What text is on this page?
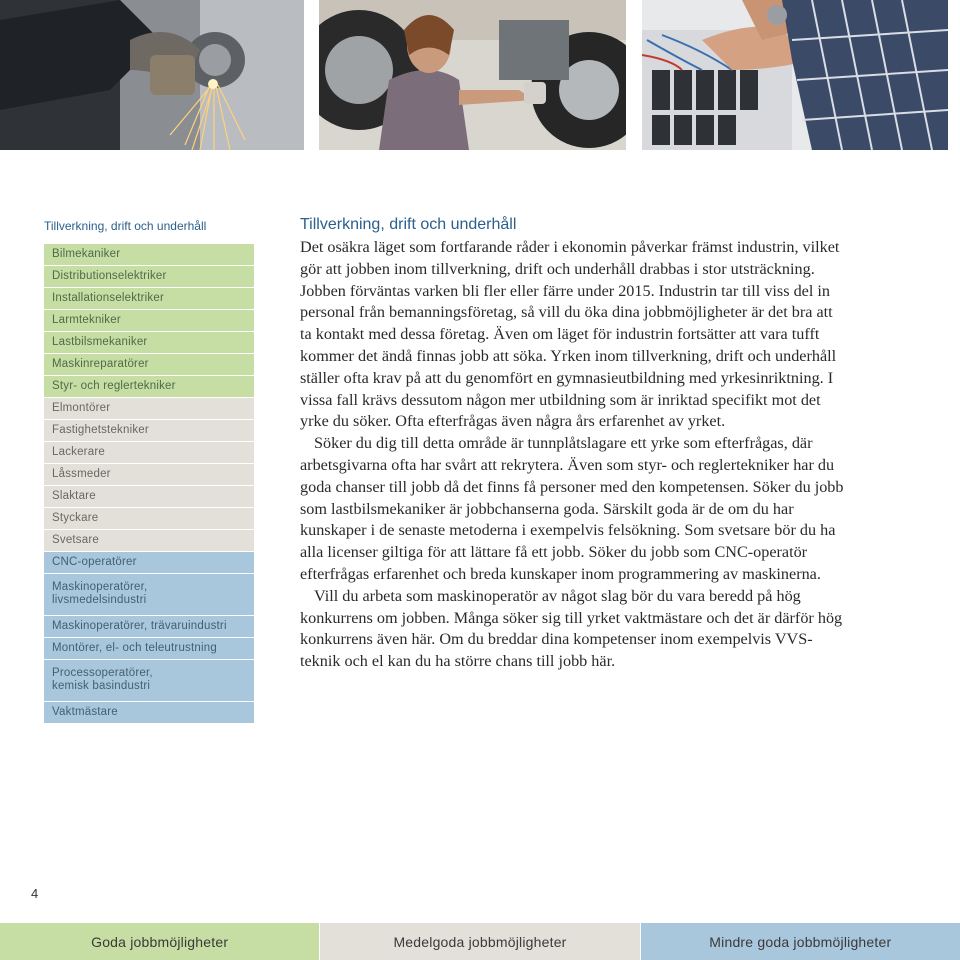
Tillverkning, drift och underhåll
Bilmekaniker
Distributionselektriker
Installationselektriker
Larmtekniker
Lastbilsmekaniker
Maskinreparatörer
Styr- och reglertekniker
Elmontörer
Fastighetstekniker
Lackerare
Låssmeder
Slaktare
Styckare
Svetsare
CNC-operatörer
Maskinoperatörer,
livsmedelsindustri
Maskinoperatörer, trävaruindustri
Montörer, el- och teleutrustning
Processoperatörer,
kemisk basindustri
Vaktmästare
Tillverkning, drift och underhåll

Det osäkra läget som fortfarande råder i ekonomin påverkar främst industrin, vilket gör att jobben inom tillverkning, drift och underhåll drabbas i stor utsträckning. Jobben förväntas varken bli fler eller färre under 2015. Industrin tar till viss del in personal från bemanningsföretag, så vill du öka dina jobbmöjligheter är det bra att ta kontakt med dessa företag. Även om läget för industrin fortsätter att vara tufft kommer det ändå finnas jobb att söka. Yrken inom tillverkning, drift och underhåll ställer ofta krav på att du genomfört en gymnasieutbildning med yrkesinriktning. I vissa fall krävs dessutom någon mer utbildning som är inriktad specifikt mot det yrke du söker. Ofta efterfrågas även några års erfarenhet av yrket.

Söker du dig till detta område är tunnplåtslagare ett yrke som efterfrågas, där arbetsgivarna ofta har svårt att rekrytera. Även som styr- och reglertekniker har du goda chanser till jobb då det finns få personer med den kompetensen. Söker du jobb som lastbilsmekaniker är jobbchanserna goda. Särskilt goda är de om du har kunskaper i de senaste metoderna i exempelvis felsökning. Som svetsare bör du ha alla licenser giltiga för att lättare få ett jobb. Söker du jobb som CNC-operatör efterfrågas erfarenhet och breda kunskaper inom programmering av maskinerna.

Vill du arbeta som maskinoperatör av något slag bör du vara beredd på hög konkurrens om jobben. Många söker sig till yrket vaktmästare och det är därför hög konkurrens även här. Om du breddar dina kompetenser inom exempelvis VVS-teknik och el kan du ha större chans till jobb här.

4
Goda jobbmöjligheter	Medelgoda jobbmöjligheter	Mindre goda jobbmöjligheter
